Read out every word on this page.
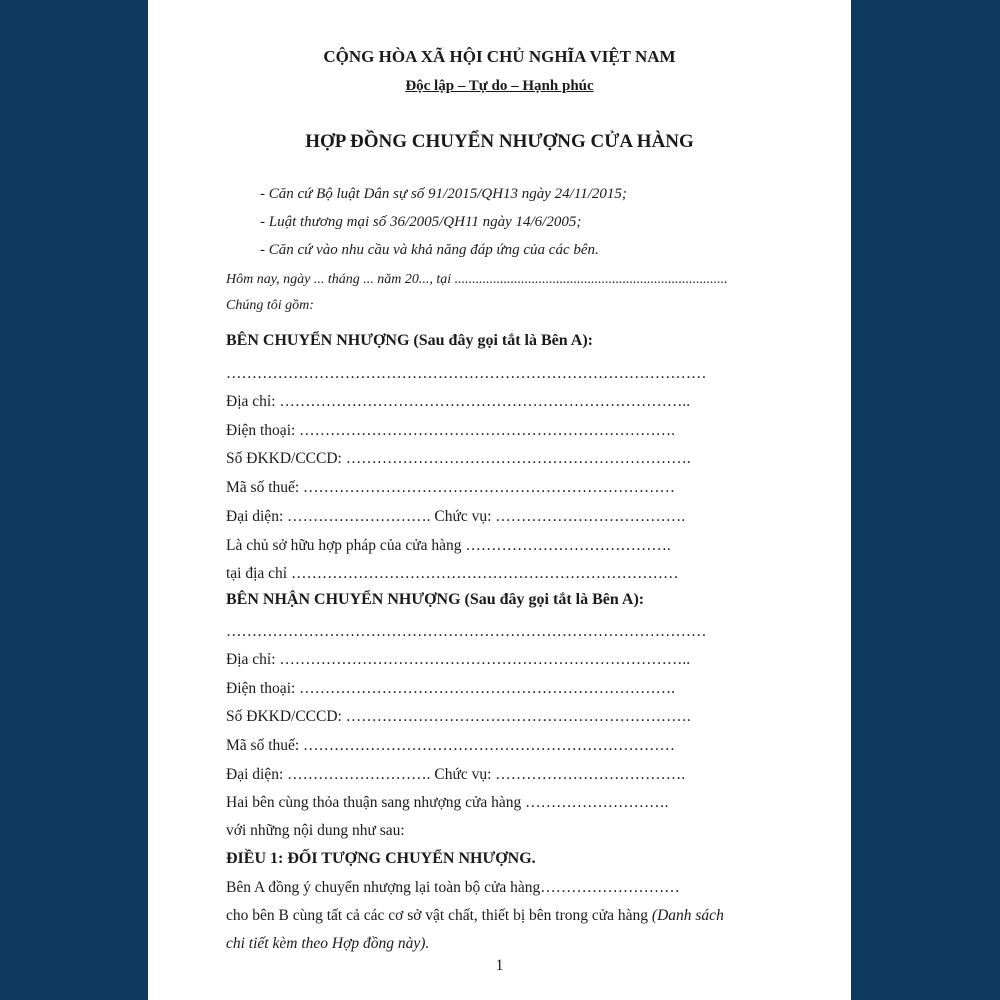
CỘNG HÒA XÃ HỘI CHỦ NGHĨA VIỆT NAM
Độc lập – Tự do – Hạnh phúc
HỢP ĐỒNG CHUYỂN NHƯỢNG CỬA HÀNG
- Căn cứ Bộ luật Dân sự số 91/2015/QH13 ngày 24/11/2015;
- Luật thương mại số 36/2005/QH11 ngày 14/6/2005;
- Căn cứ vào nhu cầu và khả năng đáp ứng của các bên.
Hôm nay, ngày ... tháng ... năm 20..., tại ..............................................................................
Chúng tôi gồm:
BÊN CHUYỂN NHƯỢNG (Sau đây gọi tắt là Bên A):
…………………………………………………………………………………
Địa chỉ: ……………………………………………………………………..
Điện thoại: ……………………………………………………………….
Số ĐKKD/CCCD: ………………………………………………………….
Mã số thuế: ………………………………………………………………
Đại diện: ………………………. Chức vụ: ……………………………….
Là chủ sở hữu hợp pháp của cửa hàng ………………………………….
tại địa chỉ …………………………………………………………………
BÊN NHẬN CHUYỂN NHƯỢNG (Sau đây gọi tắt là Bên A):
…………………………………………………………………………………
Địa chỉ: ……………………………………………………………………..
Điện thoại: ……………………………………………………………….
Số ĐKKD/CCCD: ………………………………………………………….
Mã số thuế: ………………………………………………………………
Đại diện: ………………………. Chức vụ: ……………………………….
Hai bên cùng thỏa thuận sang nhượng cửa hàng ……………………….
với những nội dung như sau:
ĐIỀU 1: ĐỐI TƯỢNG CHUYỂN NHƯỢNG.
Bên A đồng ý chuyển nhượng lại toàn bộ cửa hàng………………………
cho bên B cùng tất cả các cơ sở vật chất, thiết bị bên trong cửa hàng (Danh sách
chi tiết kèm theo Hợp đồng này).
1
